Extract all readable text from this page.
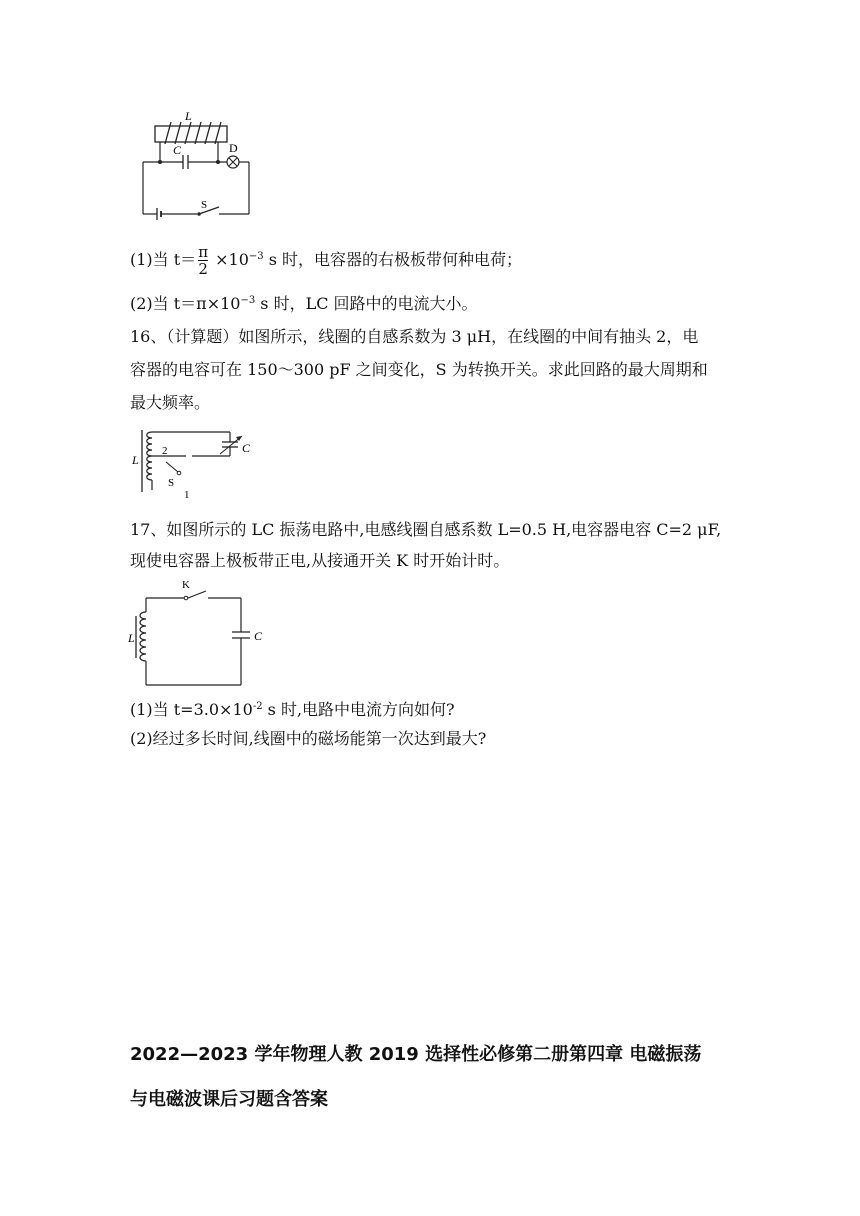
L
C	D
S
(1)当 $t= \frac{\pi}{2} \times 10^{-3}$ s 时，电容器的右极板带何种电荷；
(2)当 $t=\pi\times 10^{-3}$ s 时，LC 回路中的电流大小。
16、（计算题）如图所示，线圈的自感系数为 3 μH，在线圈的中间有抽头 2，电
容器的电容可在 150～300 pF 之间变化，S 为转换开关。求此回路的最大周期和
最大频率。
L
C
2
S
1
17、如图所示的 LC 振荡电路中,电感线圈自感系数 L=0.5 H,电容器电容 C=2 μF,
现使电容器上极板带正电,从接通开关 K 时开始计时。
K
L	C
(1)当 $t=3.0\times 10^{-2}$ s 时,电路中电流方向如何?
(2)经过多长时间,线圈中的磁场能第一次达到最大?
2022—2023 学年物理人教 2019 选择性必修第二册第四章 电磁振荡
与电磁波课后习题含答案
